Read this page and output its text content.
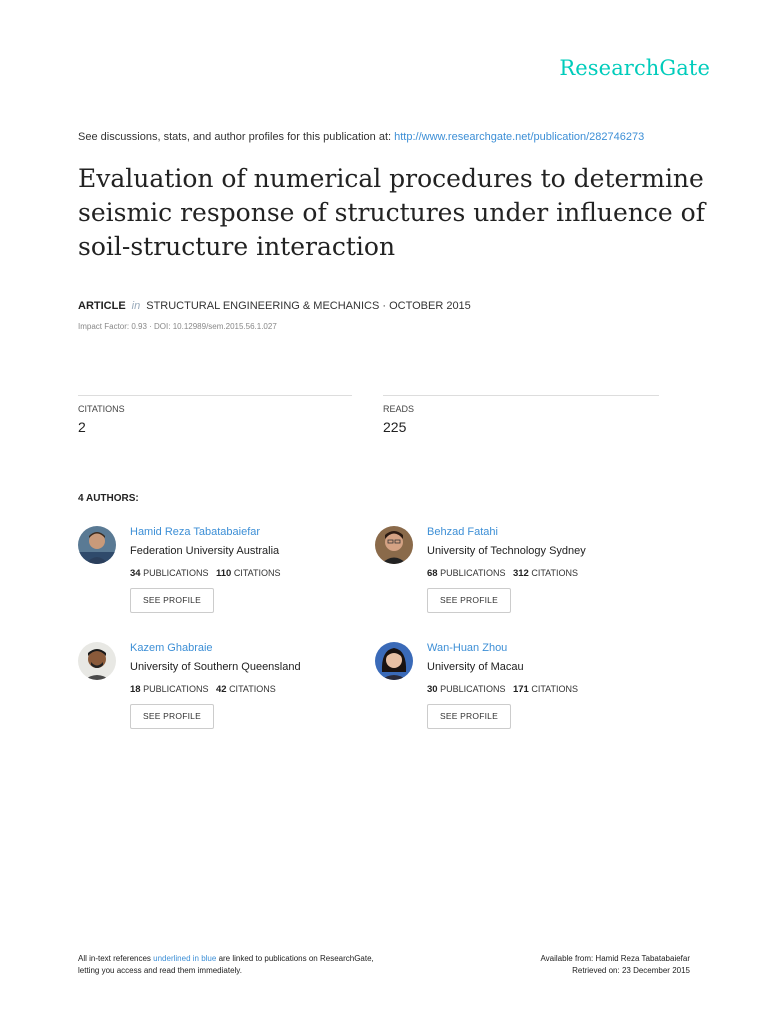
ResearchGate
See discussions, stats, and author profiles for this publication at: http://www.researchgate.net/publication/282746273
Evaluation of numerical procedures to determine seismic response of structures under influence of soil-structure interaction
ARTICLE in STRUCTURAL ENGINEERING & MECHANICS · OCTOBER 2015
Impact Factor: 0.93 · DOI: 10.12989/sem.2015.56.1.027
CITATIONS
2
READS
225
4 AUTHORS:
Hamid Reza Tabatabaiefar
Federation University Australia
34 PUBLICATIONS 110 CITATIONS
SEE PROFILE
Behzad Fatahi
University of Technology Sydney
68 PUBLICATIONS 312 CITATIONS
SEE PROFILE
Kazem Ghabraie
University of Southern Queensland
18 PUBLICATIONS 42 CITATIONS
SEE PROFILE
Wan-Huan Zhou
University of Macau
30 PUBLICATIONS 171 CITATIONS
SEE PROFILE
All in-text references underlined in blue are linked to publications on ResearchGate,
letting you access and read them immediately.
Available from: Hamid Reza Tabatabaiefar
Retrieved on: 23 December 2015
